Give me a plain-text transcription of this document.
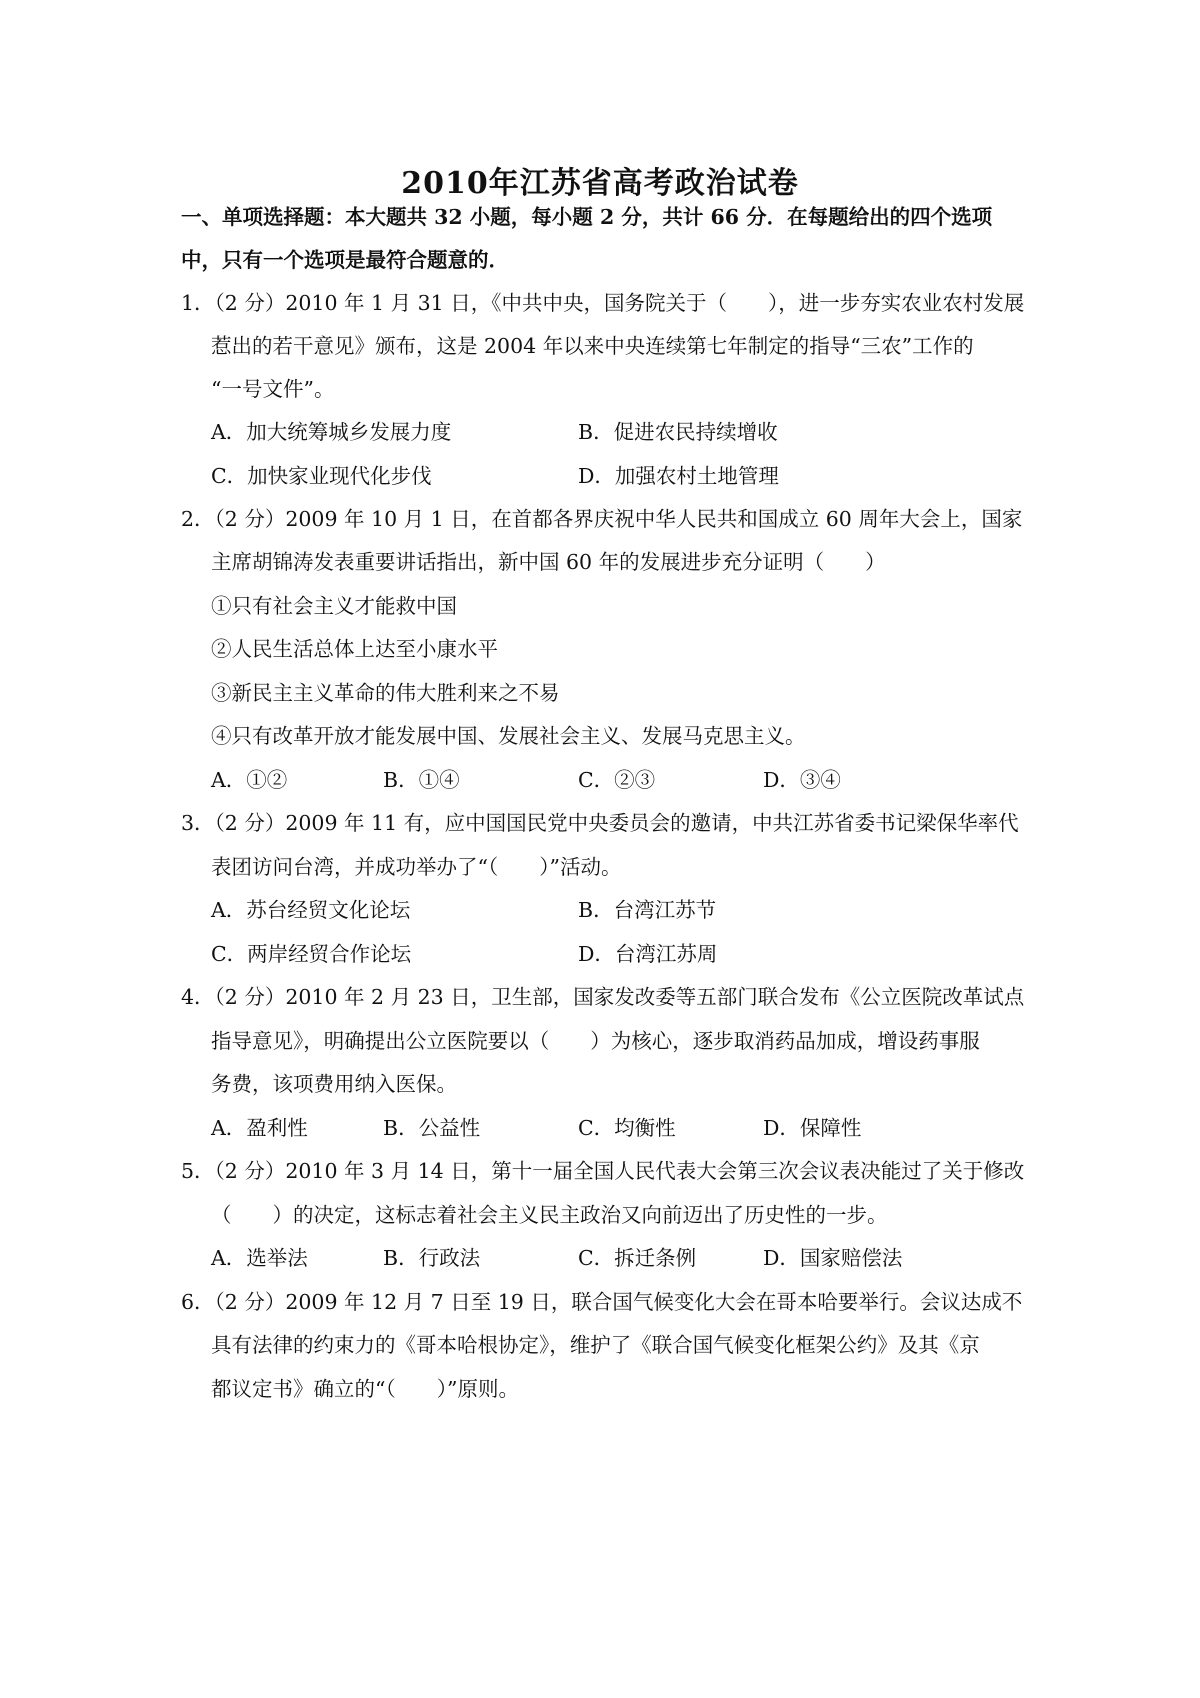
2010年江苏省高考政治试卷
一、单项选择题：本大题共 32 小题，每小题 2 分，共计 66 分．在每题给出的四个选项
中，只有一个选项是最符合题意的．
1．（2 分）2010 年 1 月 31 日，《中共中央，国务院关于（　　），进一步夯实农业农村发展
惹出的若干意见》颁布，这是 2004 年以来中央连续第七年制定的指导“三农”工作的
“一号文件”。
A．加大统筹城乡发展力度	B．促进农民持续增收
C．加快家业现代化步伐	D．加强农村土地管理
2．（2 分）2009 年 10 月 1 日，在首都各界庆祝中华人民共和国成立 60 周年大会上，国家
主席胡锦涛发表重要讲话指出，新中国 60 年的发展进步充分证明（　　）
①只有社会主义才能救中国
②人民生活总体上达至小康水平
③新民主主义革命的伟大胜利来之不易
④只有改革开放才能发展中国、发展社会主义、发展马克思主义。
A．①②	B．①④	C．②③	D．③④
3．（2 分）2009 年 11 有，应中国国民党中央委员会的邀请，中共江苏省委书记梁保华率代
表团访问台湾，并成功举办了“（　　）”活动。
A．苏台经贸文化论坛	B．台湾江苏节
C．两岸经贸合作论坛	D．台湾江苏周
4．（2 分）2010 年 2 月 23 日，卫生部，国家发改委等五部门联合发布《公立医院改革试点
指导意见》，明确提出公立医院要以（　　）为核心，逐步取消药品加成，增设药事服
务费，该项费用纳入医保。
A．盈利性	B．公益性	C．均衡性	D．保障性
5．（2 分）2010 年 3 月 14 日，第十一届全国人民代表大会第三次会议表决能过了关于修改
（　　）的决定，这标志着社会主义民主政治又向前迈出了历史性的一步。
A．选举法	B．行政法	C．拆迁条例	D．国家赔偿法
6．（2 分）2009 年 12 月 7 日至 19 日，联合国气候变化大会在哥本哈要举行。会议达成不
具有法律的约束力的《哥本哈根协定》，维护了《联合国气候变化框架公约》及其《京
都议定书》确立的“（　　）”原则。
